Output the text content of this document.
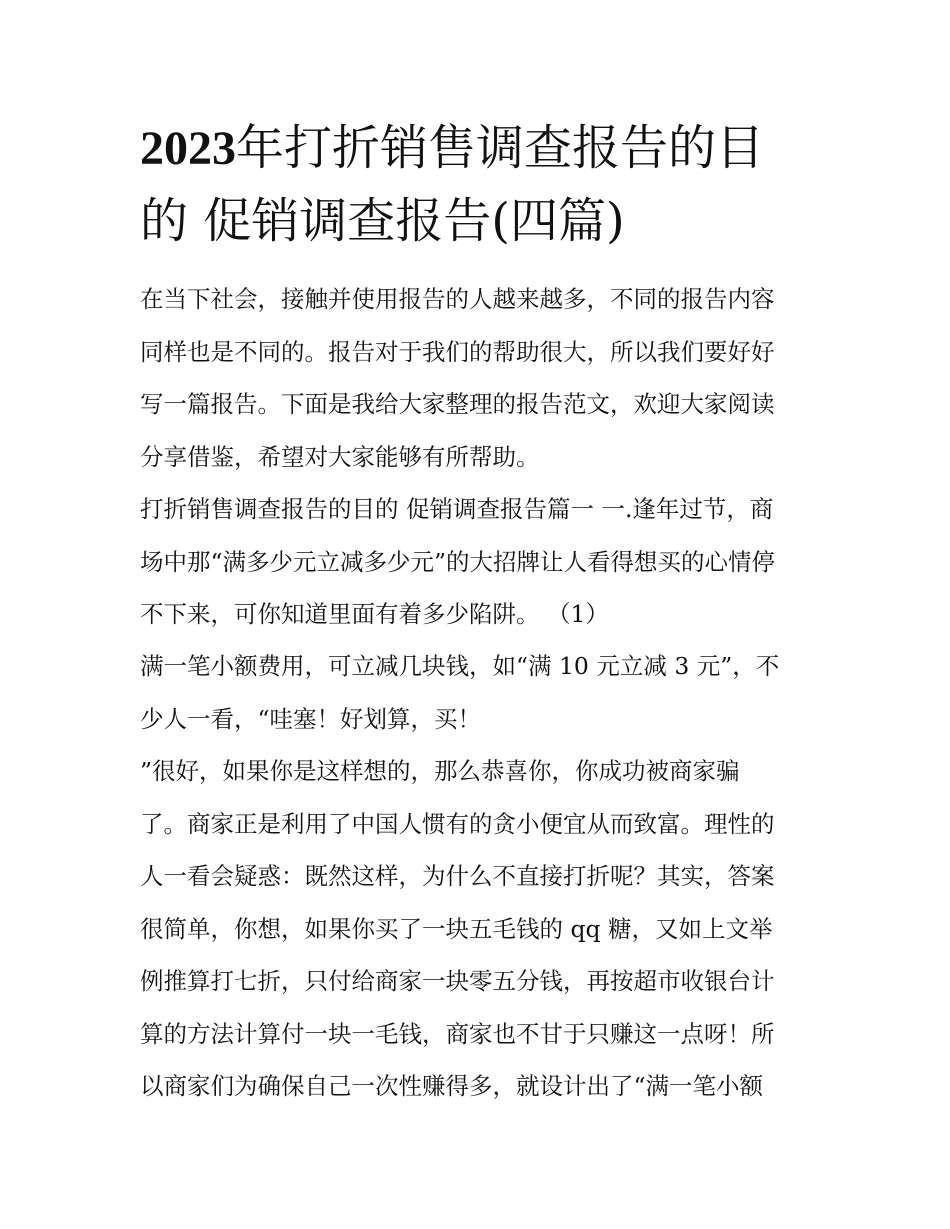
2023年打折销售调查报告的目
的 促销调查报告(四篇)
在当下社会，接触并使用报告的人越来越多，不同的报告内容
同样也是不同的。报告对于我们的帮助很大，所以我们要好好
写一篇报告。下面是我给大家整理的报告范文，欢迎大家阅读
分享借鉴，希望对大家能够有所帮助。
打折销售调查报告的目的 促销调查报告篇一 一.逢年过节，商
场中那“满多少元立减多少元”的大招牌让人看得想买的心情停
不下来，可你知道里面有着多少陷阱。 （1）
满一笔小额费用，可立减几块钱，如“满 10 元立减 3 元”，不
少人一看，“哇塞！好划算，买！
”很好，如果你是这样想的，那么恭喜你，你成功被商家骗
了。商家正是利用了中国人惯有的贪小便宜从而致富。理性的
人一看会疑惑：既然这样，为什么不直接打折呢？其实，答案
很简单，你想，如果你买了一块五毛钱的 qq 糖，又如上文举
例推算打七折，只付给商家一块零五分钱，再按超市收银台计
算的方法计算付一块一毛钱，商家也不甘于只赚这一点呀！所
以商家们为确保自己一次性赚得多，就设计出了“满一笔小额
